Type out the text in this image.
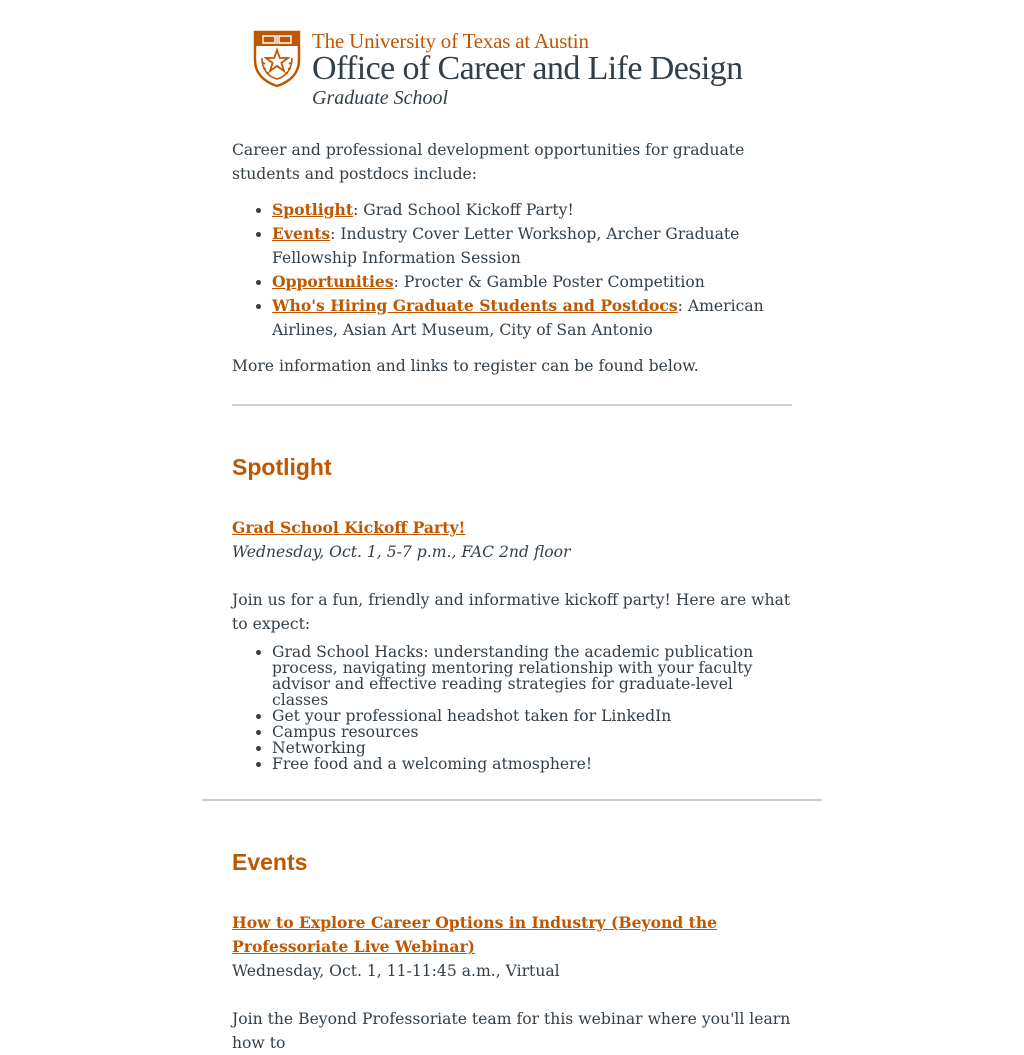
The University of Texas at Austin
Office of Career and Life Design
Graduate School

Career and professional development opportunities for graduate students and postdocs include:

• Spotlight: Grad School Kickoff Party!
• Events: Industry Cover Letter Workshop, Archer Graduate Fellowship Information Session
• Opportunities: Procter & Gamble Poster Competition
• Who's Hiring Graduate Students and Postdocs: American Airlines, Asian Art Museum, City of San Antonio

More information and links to register can be found below.

Spotlight

Grad School Kickoff Party!

Wednesday, Oct. 1, 5-7 p.m., FAC 2nd floor

Join us for a fun, friendly and informative kickoff party! Here are what to expect:

• Grad School Hacks: understanding the academic publication process, navigating mentoring relationship with your faculty advisor and effective reading strategies for graduate-level classes
• Get your professional headshot taken for LinkedIn
• Campus resources
• Networking
• Free food and a welcoming atmosphere!
Events

How to Explore Career Options in Industry (Beyond the Professoriate Live Webinar)

Wednesday, Oct. 1, 11-11:45 a.m., Virtual

Join the Beyond Professoriate team for this webinar where you'll learn how to
